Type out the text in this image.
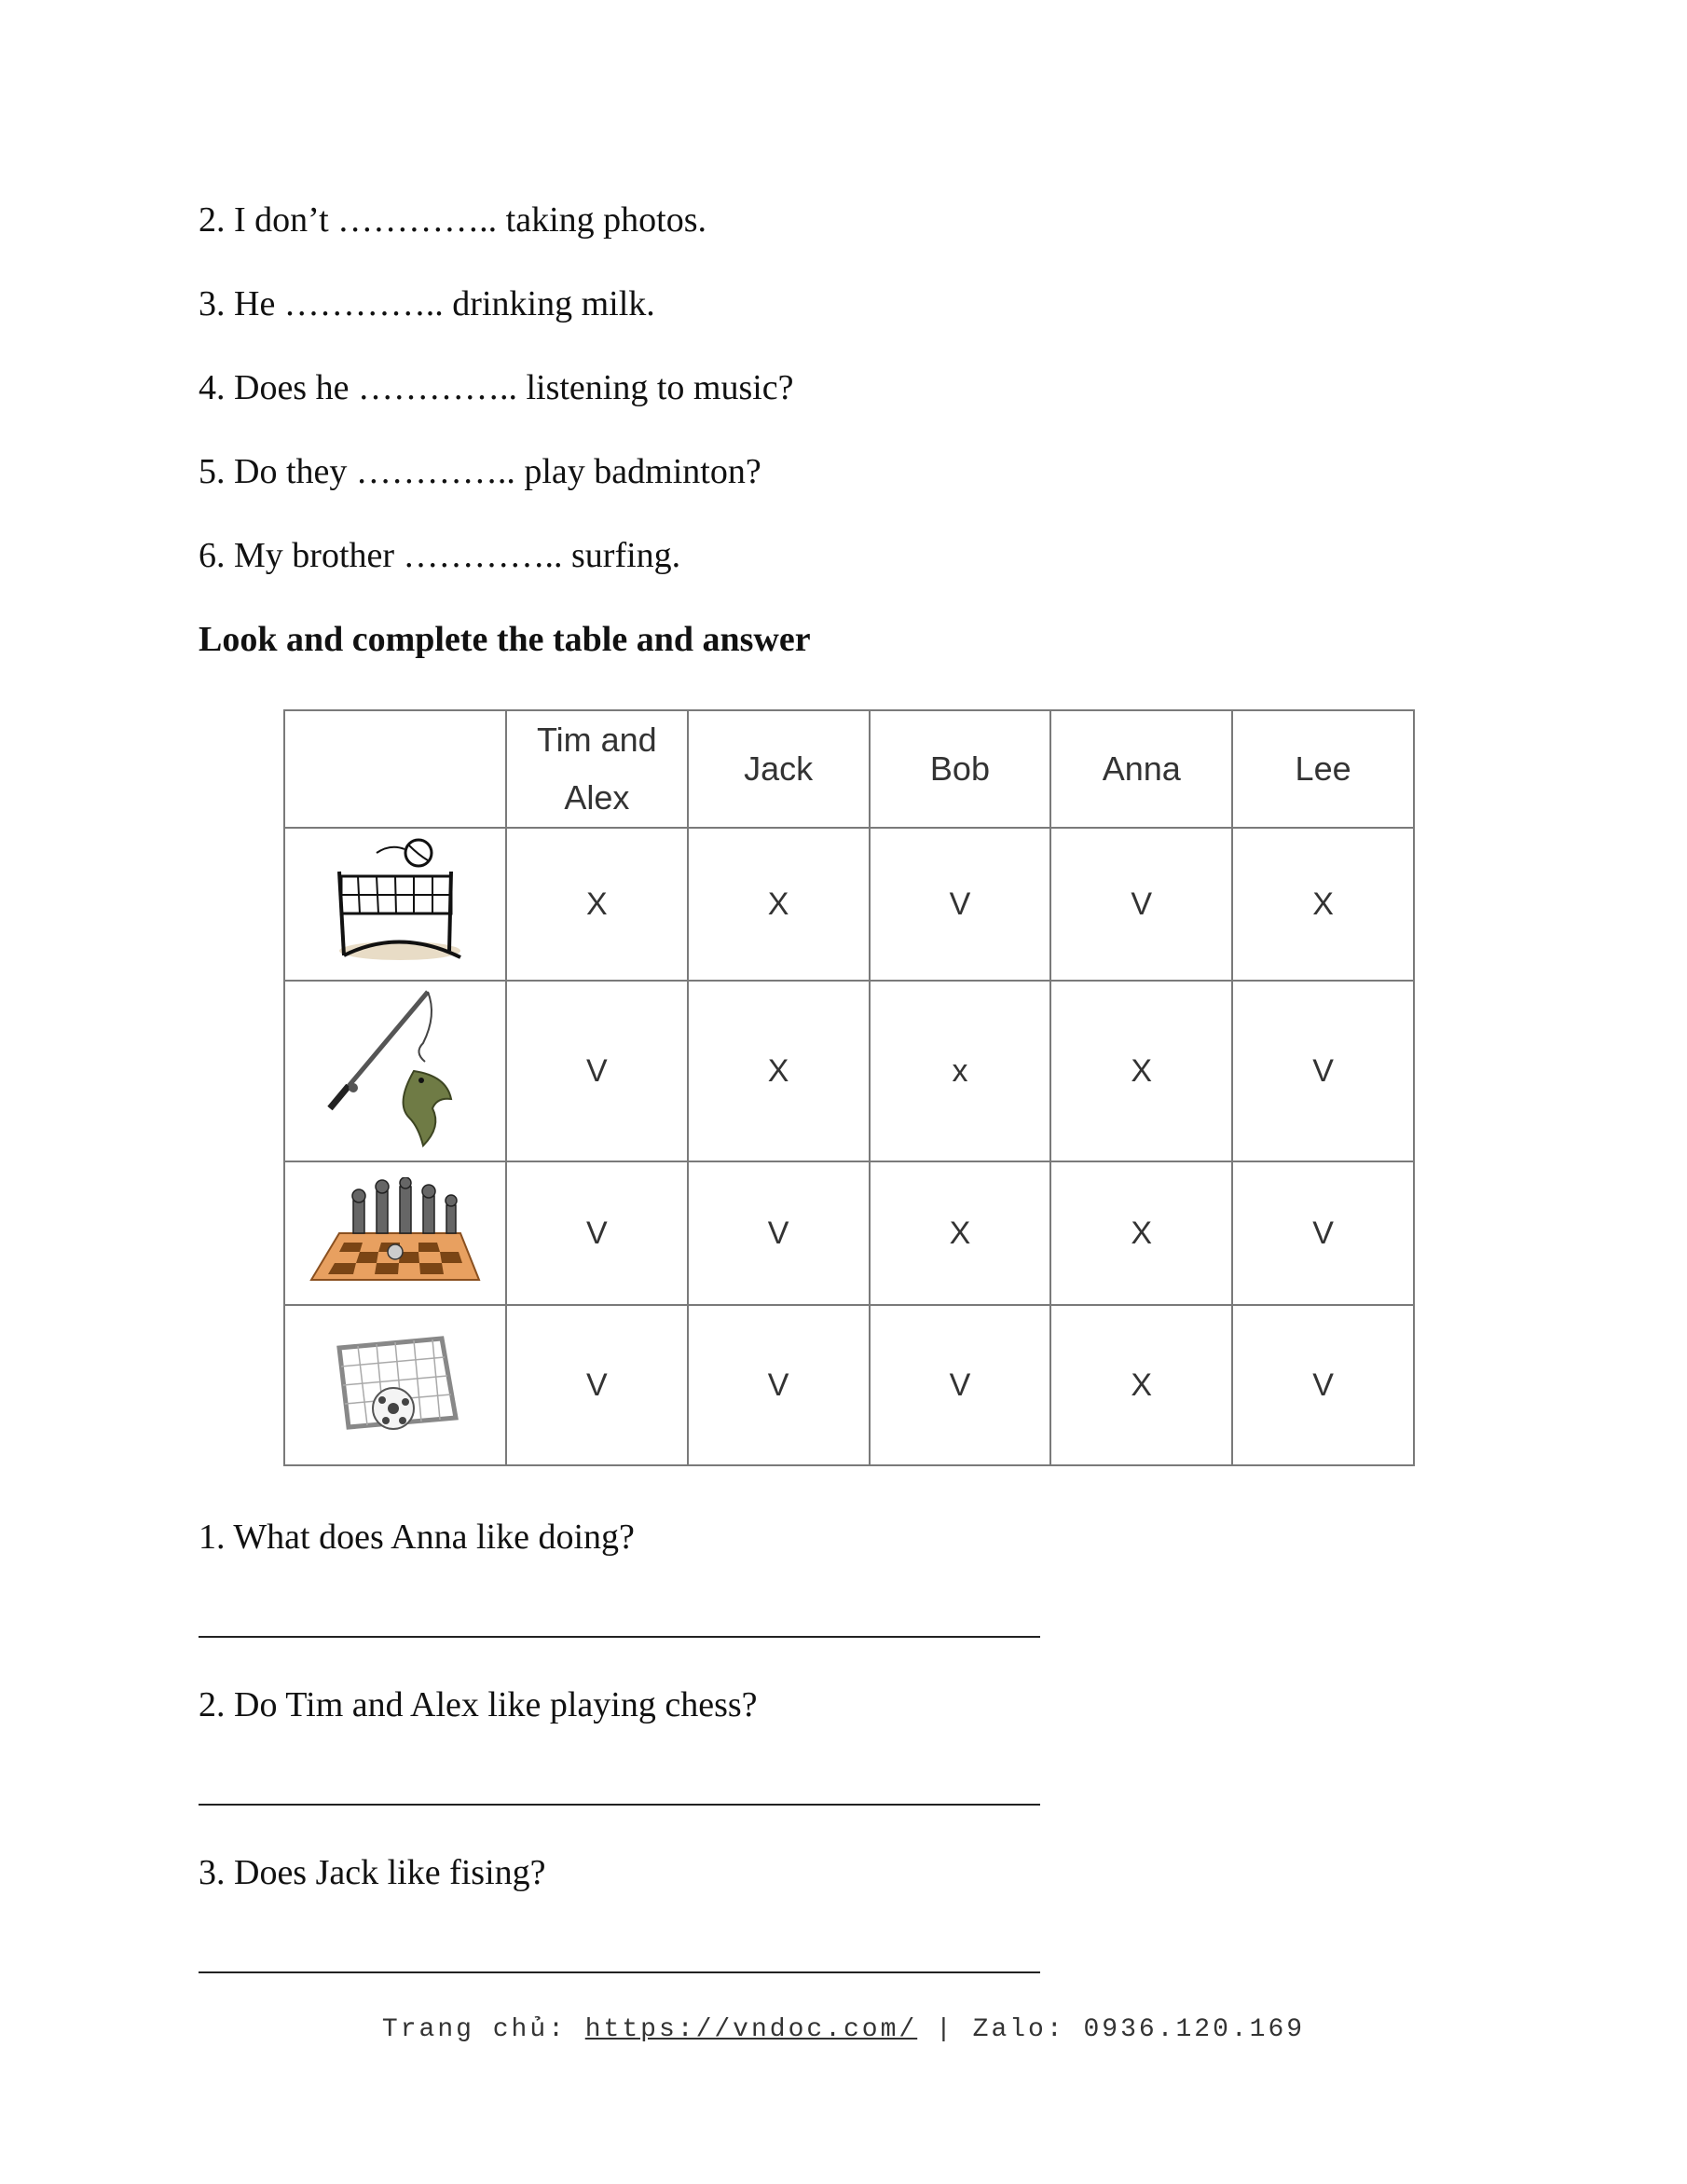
2. I don’t ………….. taking photos.
3. He ………….. drinking milk.
4. Does he ………….. listening to music?
5. Do they ………….. play badminton?
6. My brother ………….. surfing.
Look and complete the table and answer
	Tim and Alex	Jack	Bob	Anna	Lee

	X	X	V	V	X

	V	X	x	X	V

	V	V	X	X	V

	V	V	V	X	V
1. What does Anna like doing?
2. Do Tim and Alex like playing chess?
3. Does Jack like fising?
Trang chủ: https://vndoc.com/ | Zalo: 0936.120.169
